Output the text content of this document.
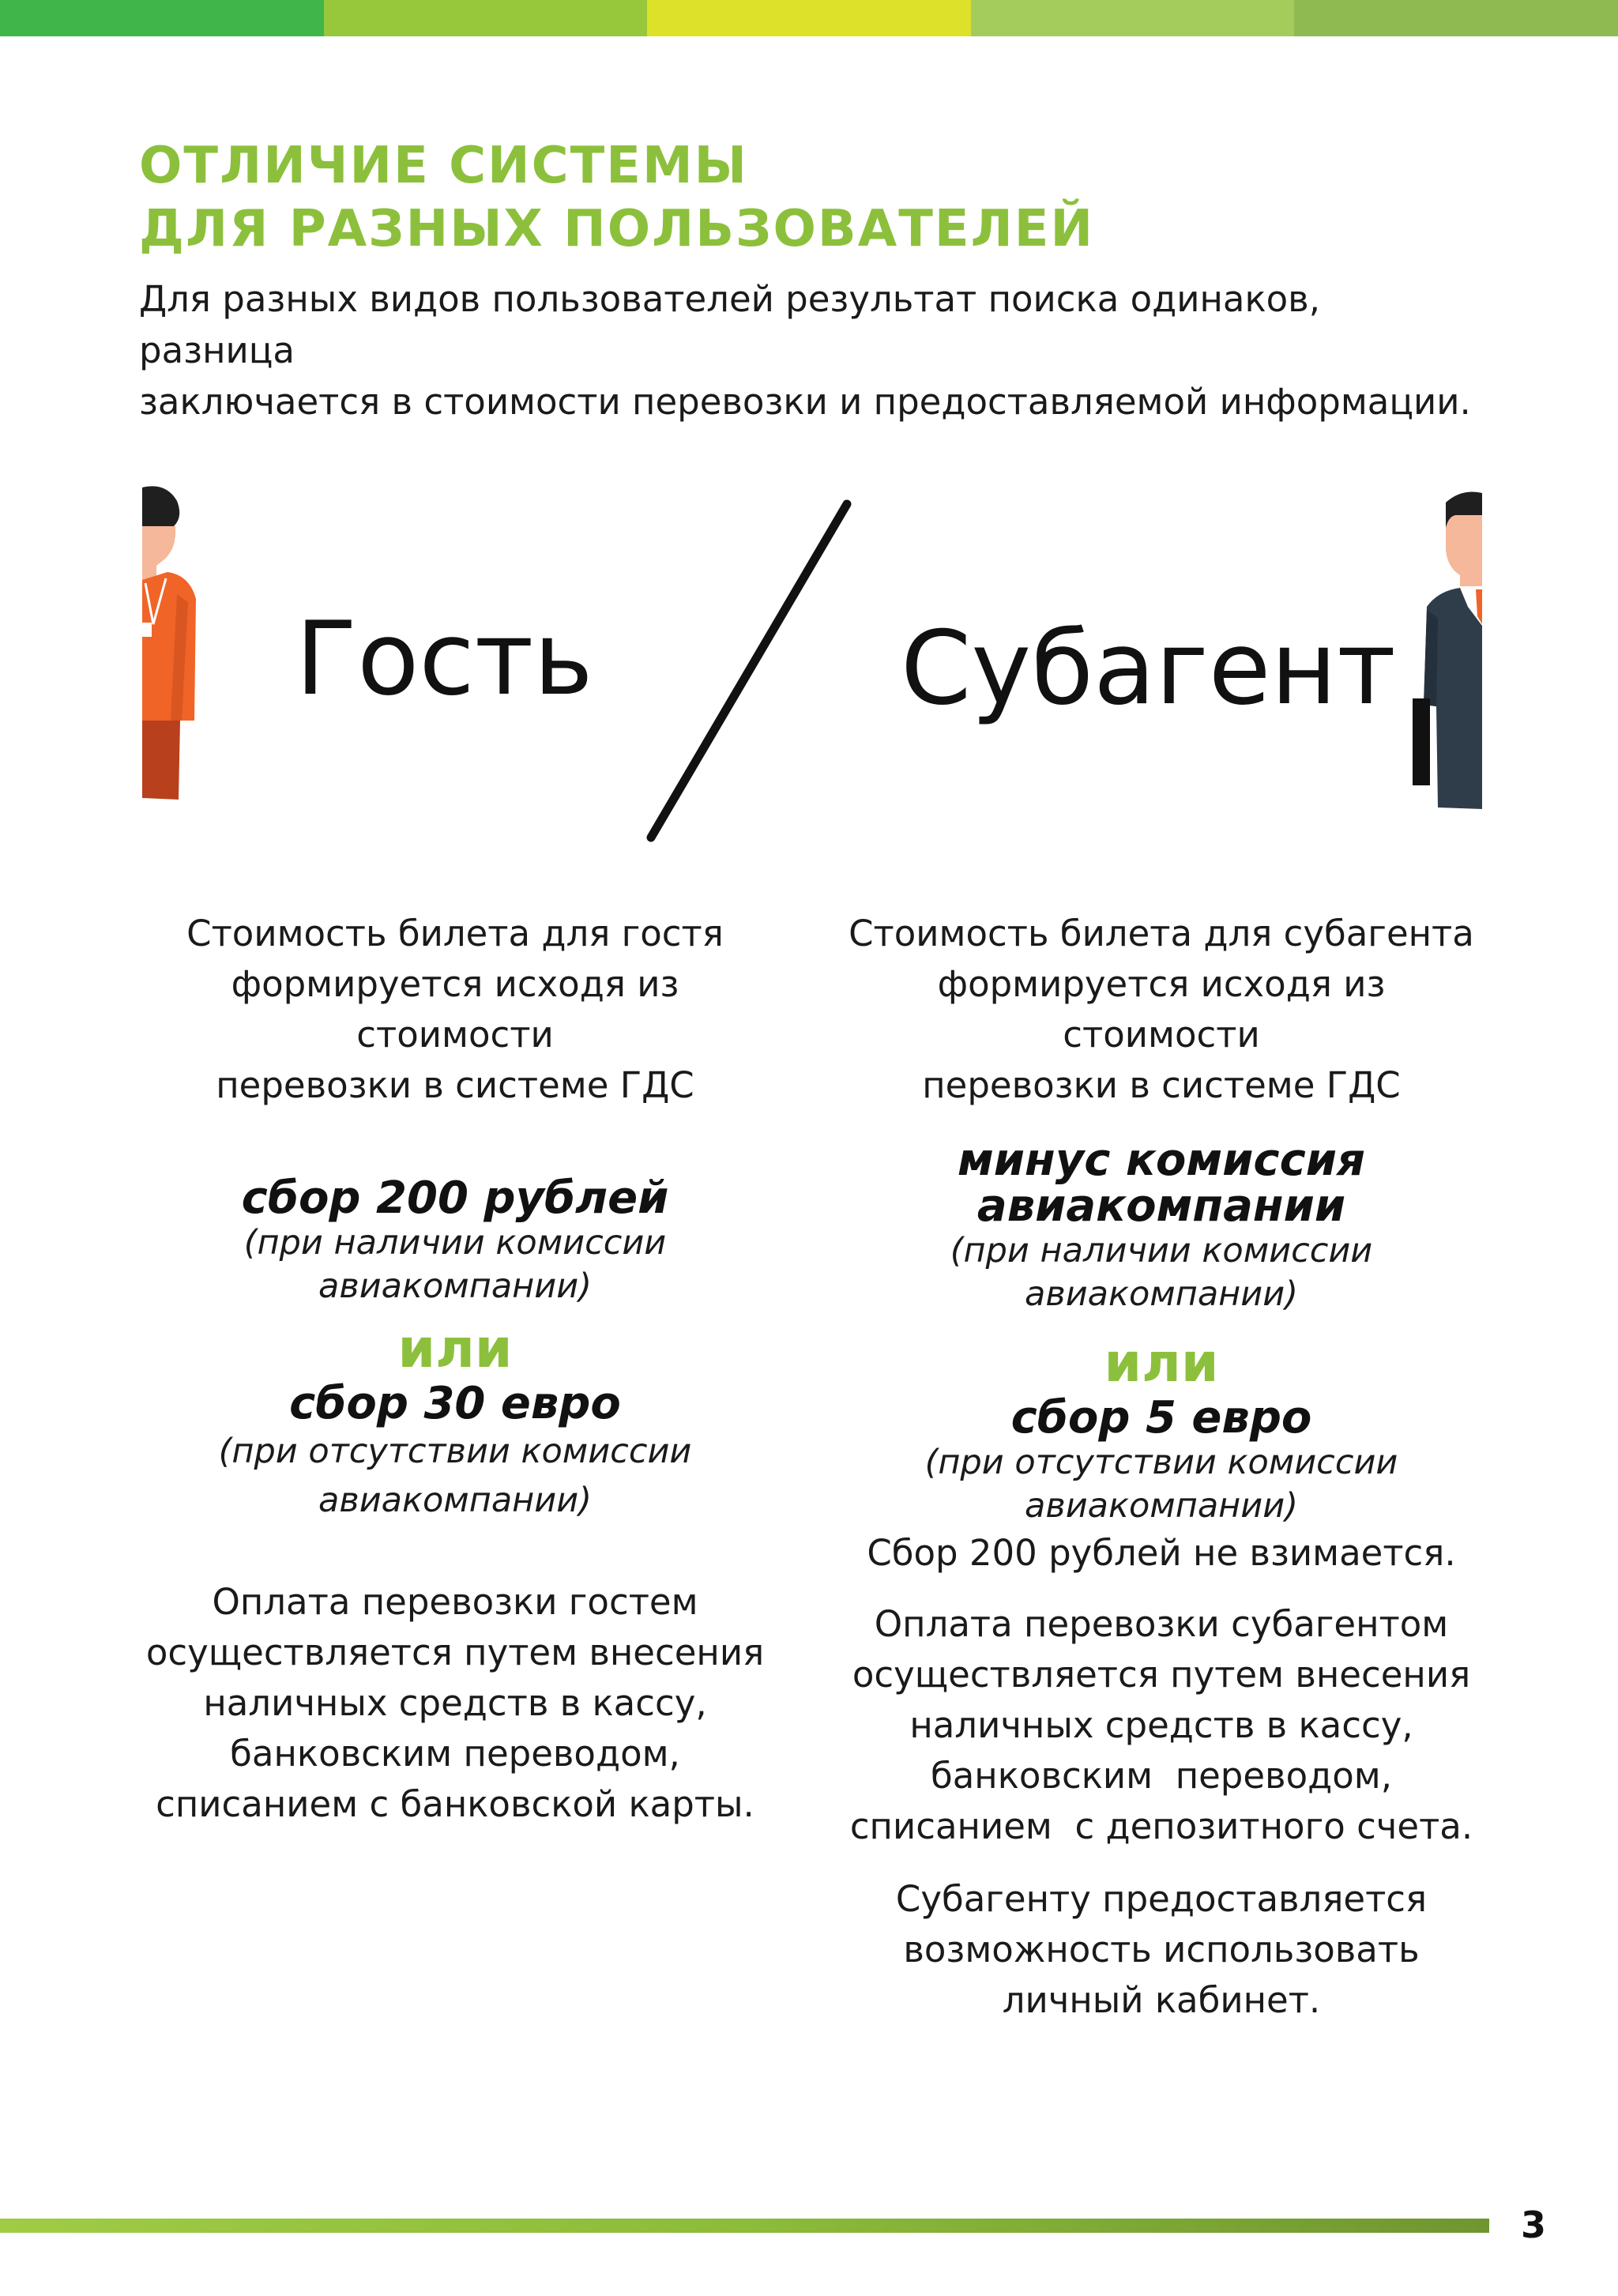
ОТЛИЧИЕ СИСТЕМЫ
ДЛЯ РАЗНЫХ ПОЛЬЗОВАТЕЛЕЙ

Для разных видов пользователей результат поиска одинаков, разница
заключается в стоимости перевозки и предоставляемой информации.

Гость	Субагент
Стоимость билета для гостя
формируется исходя из стоимости
перевозки в системе ГДС
сбор 200 рублей
(при наличии комиссии
авиакомпании)
или
сбор 30 евро
(при отсутствии комиссии
авиакомпании)
Оплата перевозки гостем
осуществляется путем внесения
наличных средств в кассу,
банковским переводом,
списанием с банковской карты.
Стоимость билета для субагента
формируется исходя из стоимости
перевозки в системе ГДС
минус комиссия
авиакомпании
(при наличии комиссии
авиакомпании)
или
сбор 5 евро
(при отсутствии комиссии
авиакомпании)
Сбор 200 рублей не взимается.
Оплата перевозки субагентом
осуществляется путем внесения
наличных средств в кассу,
банковским  переводом,
списанием  с депозитного счета.
Субагенту предоставляется
возможность использовать
личный кабинет.
3
